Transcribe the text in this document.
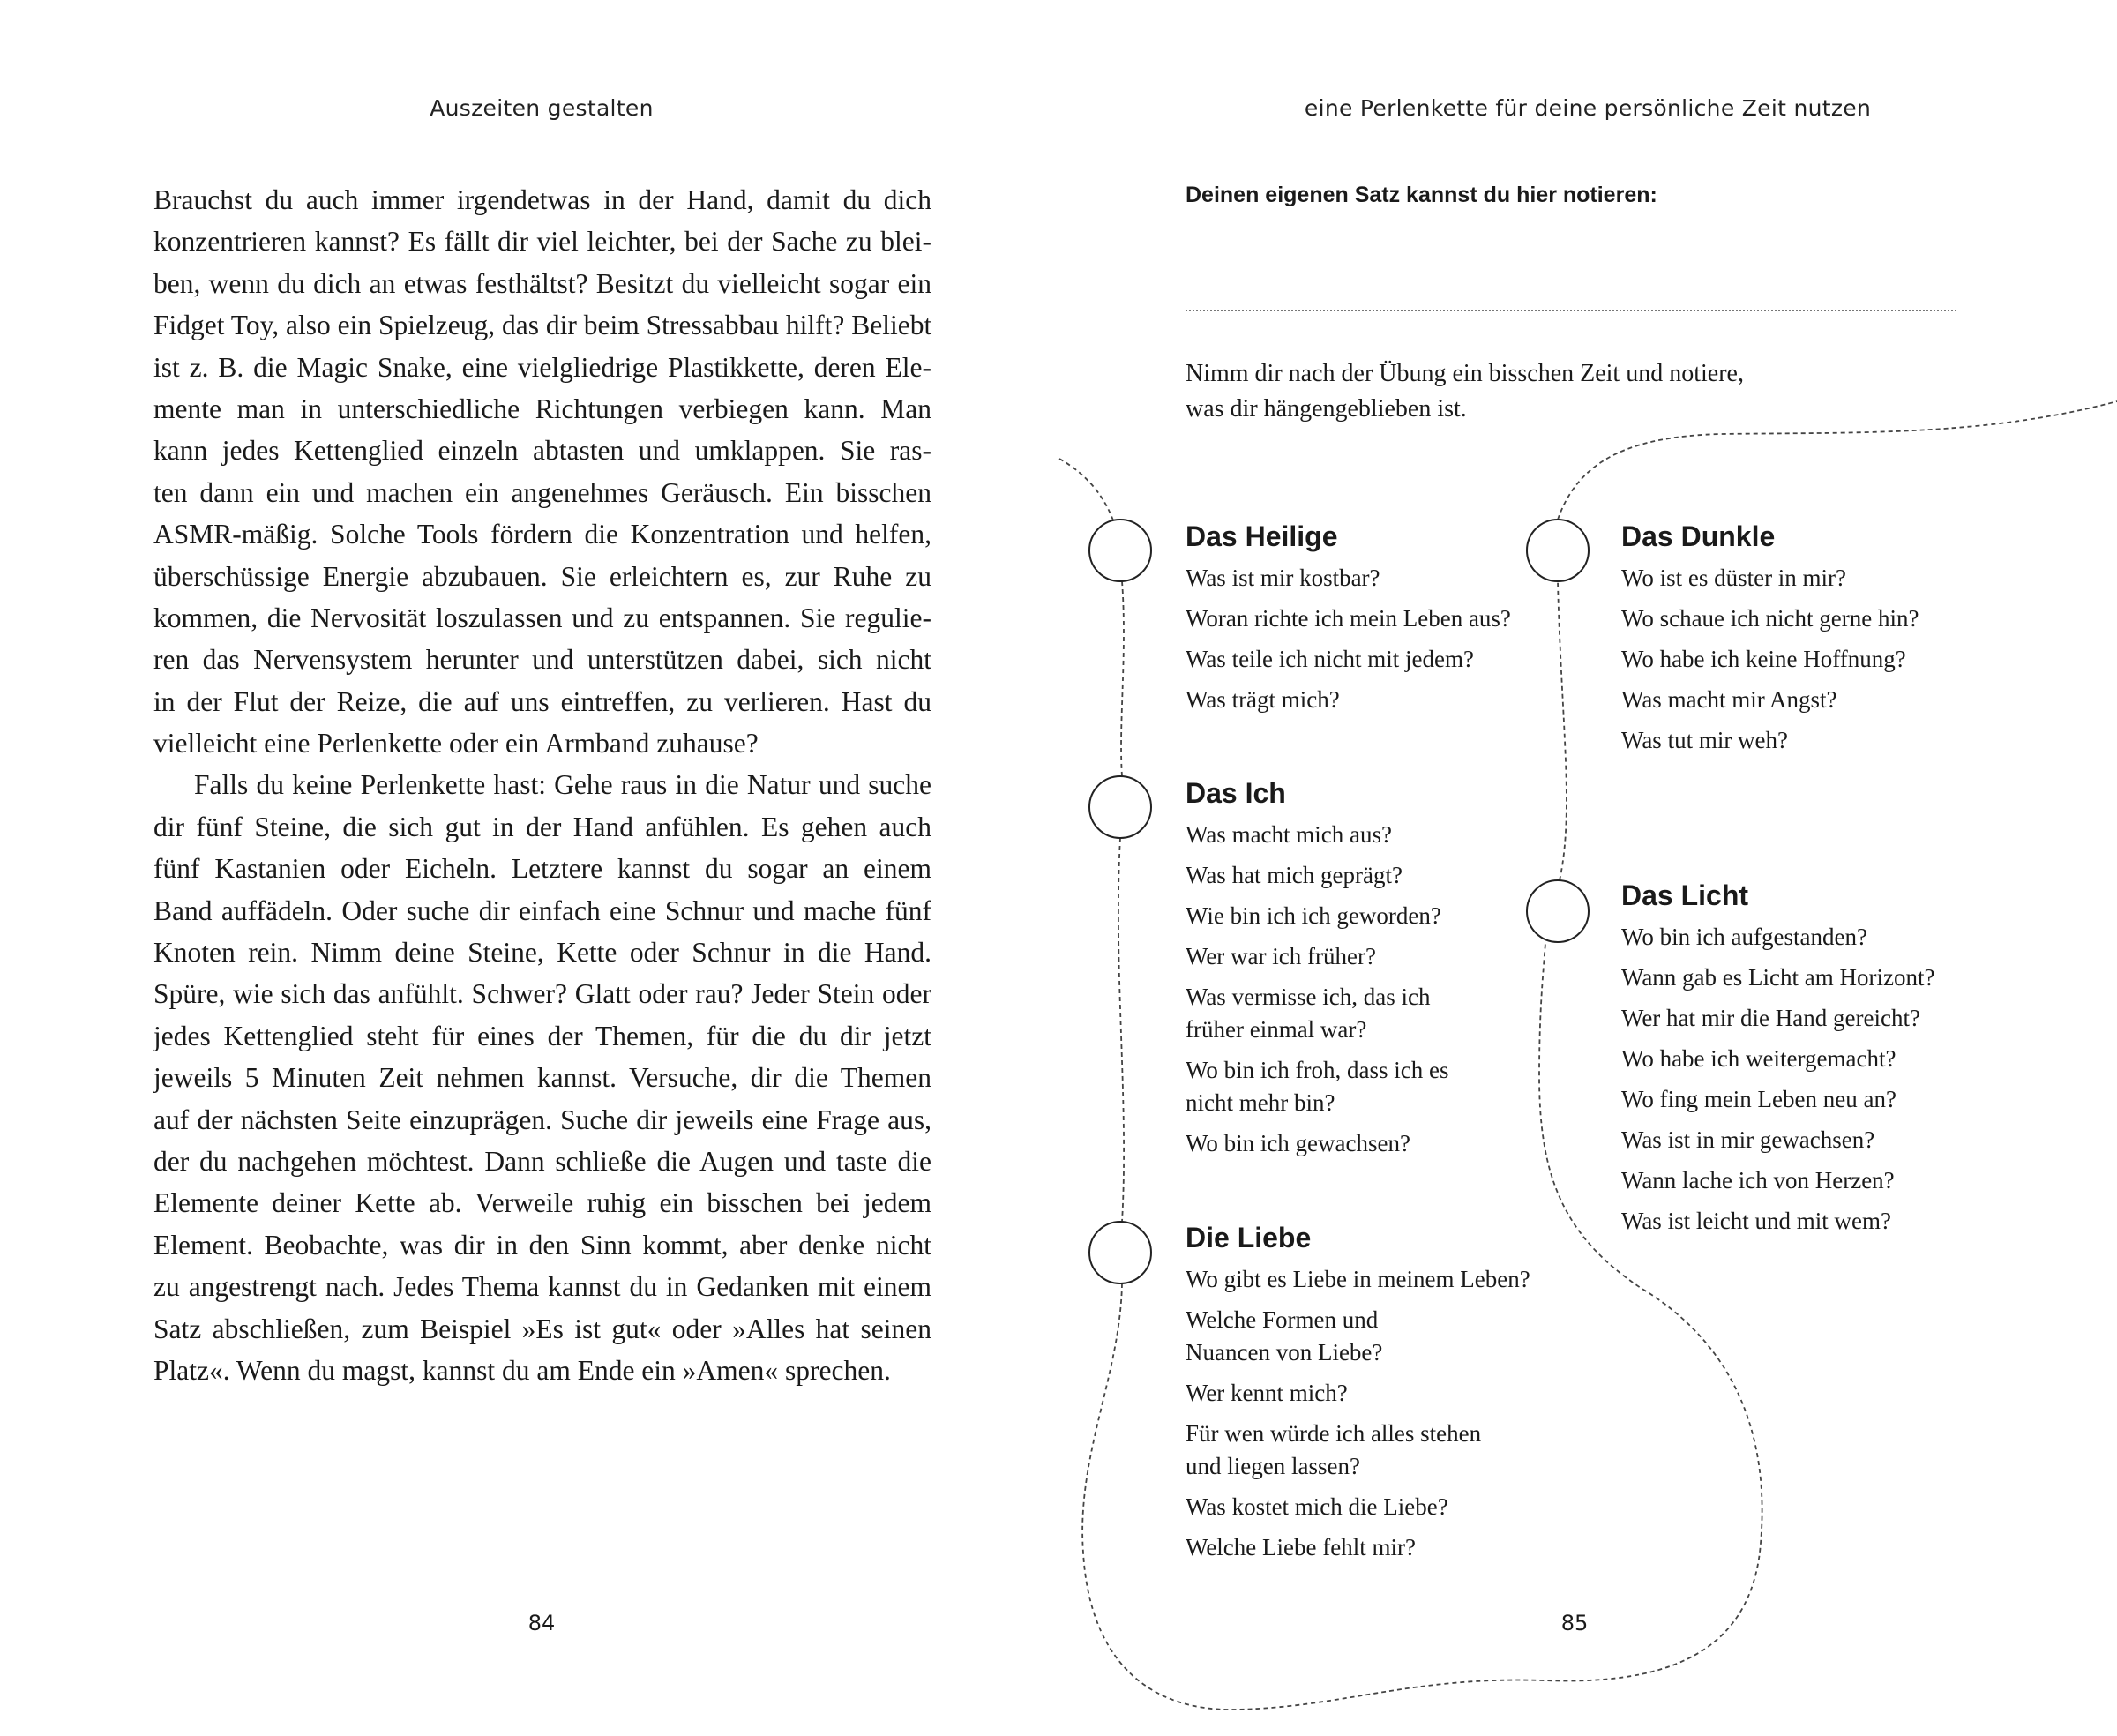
Auszeiten gestalten	eine Perlenkette für deine persönliche Zeit nutzen
Brauchst du auch immer irgendetwas in der Hand, damit du dich
konzentrieren kannst? Es fällt dir viel leichter, bei der Sache zu blei-
ben, wenn du dich an etwas festhältst? Besitzt du vielleicht sogar ein
Fidget Toy, also ein Spielzeug, das dir beim Stressabbau hilft? Beliebt
ist z. B. die Magic Snake, eine vielgliedrige Plastikkette, deren Ele-
mente man in unterschiedliche Richtungen verbiegen kann. Man
kann jedes Kettenglied einzeln abtasten und umklappen. Sie ras-
ten dann ein und machen ein angenehmes Geräusch. Ein bisschen
ASMR-mäßig. Solche Tools fördern die Konzentration und helfen,
überschüssige Energie abzubauen. Sie erleichtern es, zur Ruhe zu
kommen, die Nervosität loszulassen und zu entspannen. Sie regulie-
ren das Nervensystem herunter und unterstützen dabei, sich nicht
in der Flut der Reize, die auf uns eintreffen, zu verlieren. Hast du
vielleicht eine Perlenkette oder ein Armband zuhause?
Falls du keine Perlenkette hast: Gehe raus in die Natur und suche
dir fünf Steine, die sich gut in der Hand anfühlen. Es gehen auch
fünf Kastanien oder Eicheln. Letztere kannst du sogar an einem
Band auffädeln. Oder suche dir einfach eine Schnur und mache fünf
Knoten rein. Nimm deine Steine, Kette oder Schnur in die Hand.
Spüre, wie sich das anfühlt. Schwer? Glatt oder rau? Jeder Stein oder
jedes Kettenglied steht für eines der Themen, für die du dir jetzt
jeweils 5 Minuten Zeit nehmen kannst. Versuche, dir die Themen
auf der nächsten Seite einzuprägen. Suche dir jeweils eine Frage aus,
der du nachgehen möchtest. Dann schließe die Augen und taste die
Elemente deiner Kette ab. Verweile ruhig ein bisschen bei jedem
Element. Beobachte, was dir in den Sinn kommt, aber denke nicht
zu angestrengt nach. Jedes Thema kannst du in Gedanken mit einem
Satz abschließen, zum Beispiel »Es ist gut« oder »Alles hat seinen
Platz«. Wenn du magst, kannst du am Ende ein »Amen« sprechen.
84	85
Deinen eigenen Satz kannst du hier notieren:
Nimm dir nach der Übung ein bisschen Zeit und notiere,
was dir hängengeblieben ist.
Das Heilige
Was ist mir kostbar?
Woran richte ich mein Leben aus?
Was teile ich nicht mit jedem?
Was trägt mich?
Das Ich
Was macht mich aus?
Was hat mich geprägt?
Wie bin ich ich geworden?
Wer war ich früher?
Was vermisse ich, das ich
früher einmal war?
Wo bin ich froh, dass ich es
nicht mehr bin?
Wo bin ich gewachsen?
Die Liebe
Wo gibt es Liebe in meinem Leben?
Welche Formen und
Nuancen von Liebe?
Wer kennt mich?
Für wen würde ich alles stehen
und liegen lassen?
Was kostet mich die Liebe?
Welche Liebe fehlt mir?
Das Dunkle
Wo ist es düster in mir?
Wo schaue ich nicht gerne hin?
Wo habe ich keine Hoffnung?
Was macht mir Angst?
Was tut mir weh?
Das Licht
Wo bin ich aufgestanden?
Wann gab es Licht am Horizont?
Wer hat mir die Hand gereicht?
Wo habe ich weitergemacht?
Wo fing mein Leben neu an?
Was ist in mir gewachsen?
Wann lache ich von Herzen?
Was ist leicht und mit wem?
